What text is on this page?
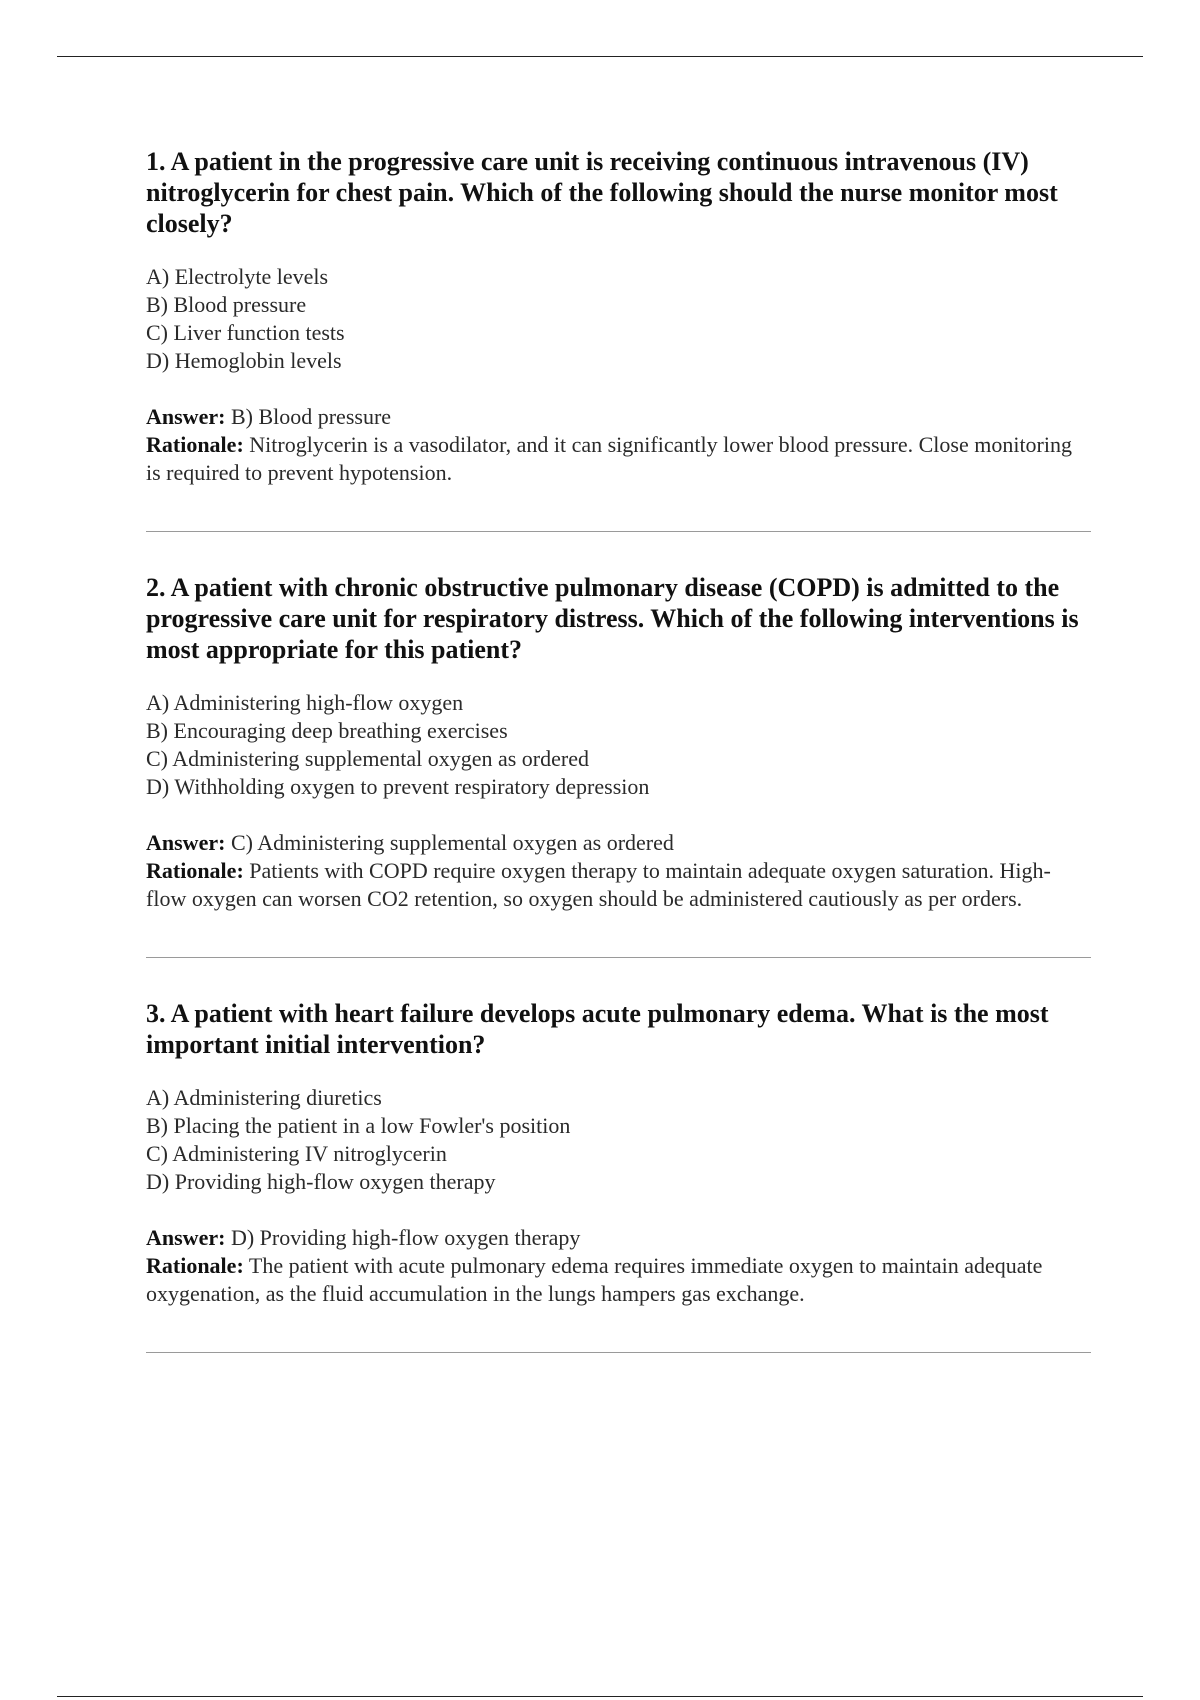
1. A patient in the progressive care unit is receiving continuous intravenous (IV) nitroglycerin for chest pain. Which of the following should the nurse monitor most closely?

A) Electrolyte levels
B) Blood pressure
C) Liver function tests
D) Hemoglobin levels
Answer: B) Blood pressure
Rationale: Nitroglycerin is a vasodilator, and it can significantly lower blood pressure. Close monitoring is required to prevent hypotension.

2. A patient with chronic obstructive pulmonary disease (COPD) is admitted to the progressive care unit for respiratory distress. Which of the following interventions is most appropriate for this patient?

A) Administering high-flow oxygen
B) Encouraging deep breathing exercises
C) Administering supplemental oxygen as ordered
D) Withholding oxygen to prevent respiratory depression
Answer: C) Administering supplemental oxygen as ordered
Rationale: Patients with COPD require oxygen therapy to maintain adequate oxygen saturation. High-flow oxygen can worsen CO2 retention, so oxygen should be administered cautiously as per orders.

3. A patient with heart failure develops acute pulmonary edema. What is the most important initial intervention?

A) Administering diuretics
B) Placing the patient in a low Fowler's position
C) Administering IV nitroglycerin
D) Providing high-flow oxygen therapy
Answer: D) Providing high-flow oxygen therapy
Rationale: The patient with acute pulmonary edema requires immediate oxygen to maintain adequate oxygenation, as the fluid accumulation in the lungs hampers gas exchange.
